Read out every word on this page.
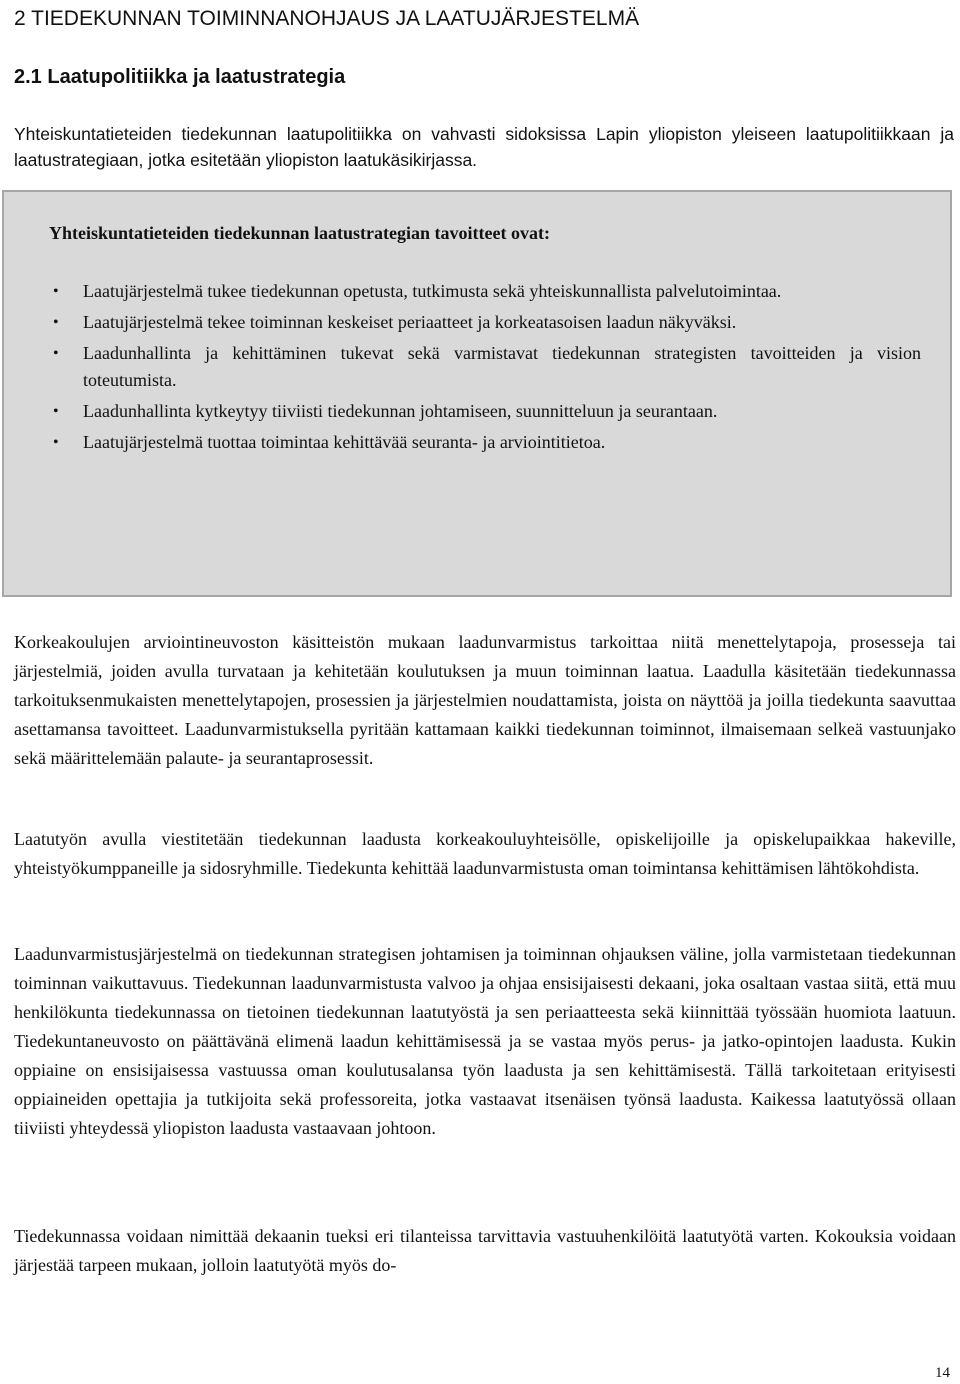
2 TIEDEKUNNAN TOIMINNANOHJAUS JA LAATUJÄRJESTELMÄ
2.1 Laatupolitiikka ja laatustrategia

Yhteiskuntatieteiden tiedekunnan laatupolitiikka on vahvasti sidoksissa Lapin yliopiston yleiseen laatupolitiikkaan ja laatustrategiaan, jotka esitetään yliopiston laatukäsikirjassa.

Yhteiskuntatieteiden tiedekunnan laatustrategian tavoitteet ovat:
• Laatujärjestelmä tukee tiedekunnan opetusta, tutkimusta sekä yhteiskunnallista palvelutoimintaa.
• Laatujärjestelmä tekee toiminnan keskeiset periaatteet ja korkeatasoisen laadun näkyväksi.
• Laadunhallinta ja kehittäminen tukevat sekä varmistavat tiedekunnan strategisten tavoitteiden ja vision toteutumista.
• Laadunhallinta kytkeytyy tiiviisti tiedekunnan johtamiseen, suunnitteluun ja seurantaan.
• Laatujärjestelmä tuottaa toimintaa kehittävää seuranta- ja arviointitietoa.

Korkeakoulujen arviointineuvoston käsitteistön mukaan laadunvarmistus tarkoittaa niitä menettelytapoja, prosesseja tai järjestelmiä, joiden avulla turvataan ja kehitetään koulutuksen ja muun toiminnan laatua. Laadulla käsitetään tiedekunnassa tarkoituksenmukaisten menettelytapojen, prosessien ja järjestelmien noudattamista, joista on näyttöä ja joilla tiedekunta saavuttaa asettamansa tavoitteet. Laadunvarmistuksella pyritään kattamaan kaikki tiedekunnan toiminnot, ilmaisemaan selkeä vastuunjako sekä määrittelemään palaute- ja seurantaprosessit.

Laatutyön avulla viestitetään tiedekunnan laadusta korkeakouluyhteisölle, opiskelijoille ja opiskelupaikkaa hakeville, yhteistyökumppaneille ja sidosryhmille. Tiedekunta kehittää laadunvarmistusta oman toimintansa kehittämisen lähtökohdista.

Laadunvarmistusjärjestelmä on tiedekunnan strategisen johtamisen ja toiminnan ohjauksen väline, jolla varmistetaan tiedekunnan toiminnan vaikuttavuus. Tiedekunnan laadunvarmistusta valvoo ja ohjaa ensisijaisesti dekaani, joka osaltaan vastaa siitä, että muu henkilökunta tiedekunnassa on tietoinen tiedekunnan laatutyöstä ja sen periaatteesta sekä kiinnittää työssään huomiota laatuun. Tiedekuntaneuvosto on päättävänä elimenä laadun kehittämisessä ja se vastaa myös perus- ja jatko-opintojen laadusta. Kukin oppiaine on ensisijaisessa vastuussa oman koulutusalansa työn laadusta ja sen kehittämisestä. Tällä tarkoitetaan erityisesti oppiaineiden opettajia ja tutkijoita sekä professoreita, jotka vastaavat itsenäisen työnsä laadusta. Kaikessa laatutyössä ollaan tiiviisti yhteydessä yliopiston laadusta vastaavaan johtoon.

Tiedekunnassa voidaan nimittää dekaanin tueksi eri tilanteissa tarvittavia vastuuhenkilöitä laatutyötä varten. Kokouksia voidaan järjestää tarpeen mukaan, jolloin laatutyötä myös do-

14
